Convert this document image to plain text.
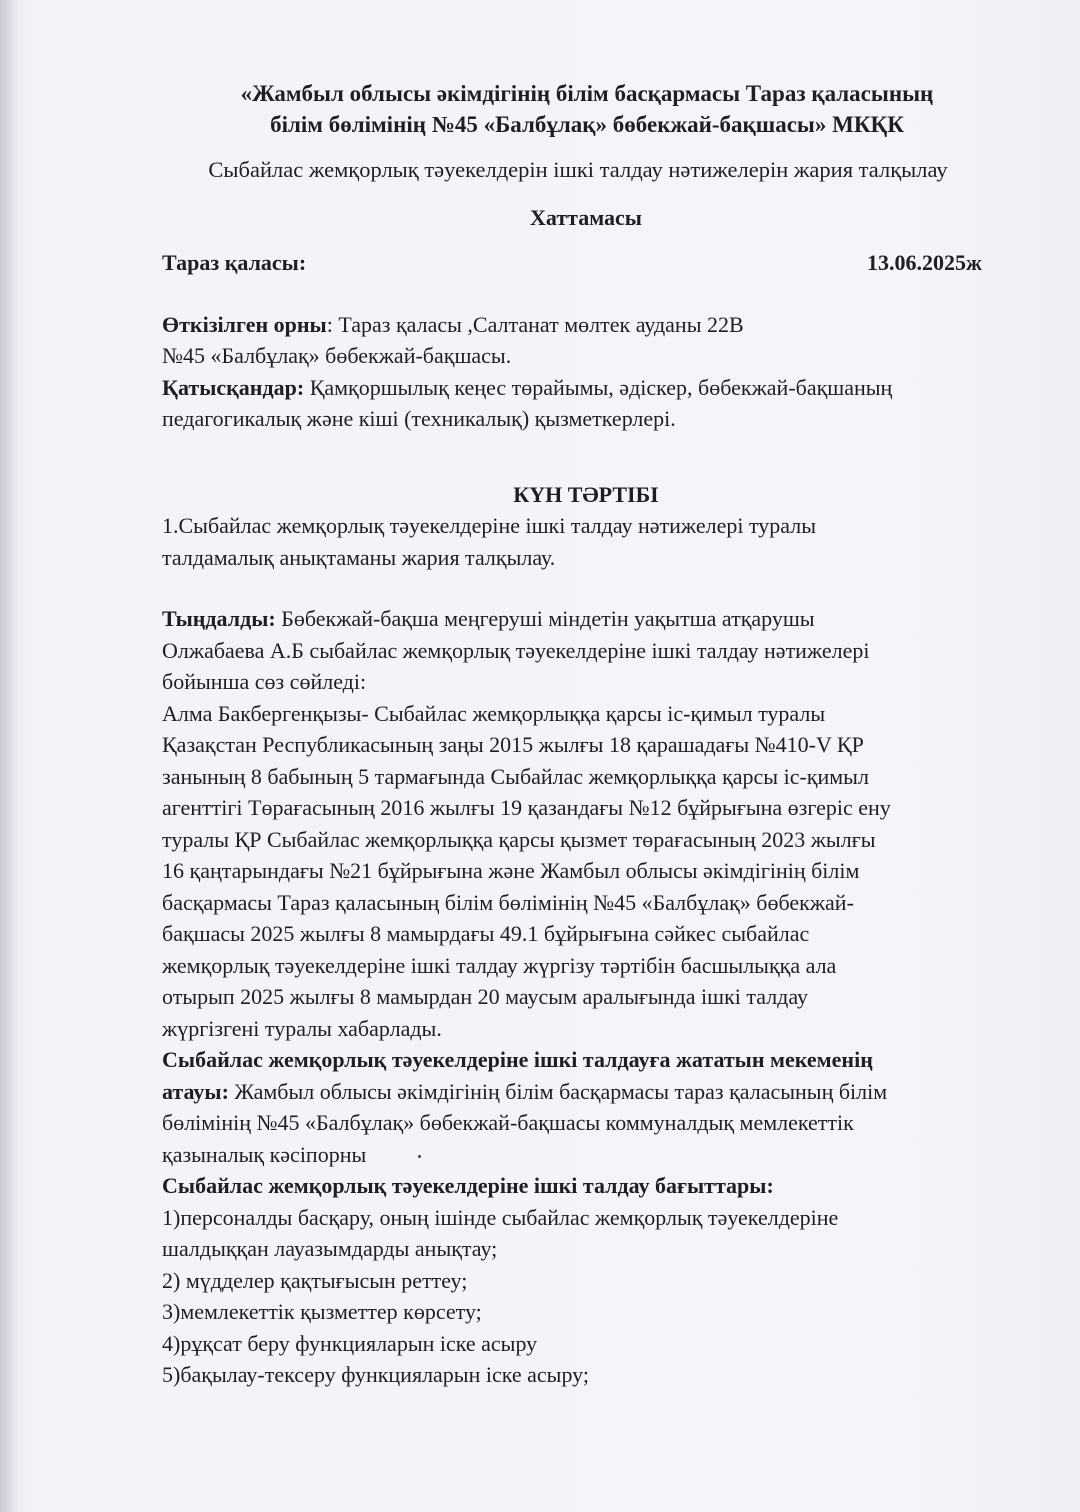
«Жамбыл облысы әкімдігінің білім басқармасы Тараз қаласының
білім бөлімінің №45 «Балбұлақ» бөбекжай-бақшасы» МКҚК
Сыбайлас жемқорлық тәуекелдерін ішкі талдау нәтижелерін жария талқылау
Хаттамасы
Тараз қаласы:	13.06.2025ж
Өткізілген орны: Тараз қаласы ,Салтанат мөлтек ауданы 22В
№45 «Балбұлақ» бөбекжай-бақшасы.
Қатысқандар: Қамқоршылық кеңес төрайымы, әдіскер, бөбекжай-бақшаның
педагогикалық және кіші (техникалық) қызметкерлері.
КҮН ТӘРТІБІ
1.Сыбайлас жемқорлық тәуекелдеріне ішкі талдау нәтижелері туралы
талдамалық анықтаманы жария талқылау.
Тыңдалды: Бөбекжай-бақша меңгеруші міндетін уақытша атқарушы
Олжабаева А.Б сыбайлас жемқорлық тәуекелдеріне ішкі талдау нәтижелері
бойынша сөз сөйледі:
Алма Бакбергенқызы- Сыбайлас жемқорлыққа қарсы іс-қимыл туралы
Қазақстан Республикасының заңы 2015 жылғы 18 қарашадағы №410-V ҚР
занының 8 бабының 5 тармағында Сыбайлас жемқорлыққа қарсы іс-қимыл
агенттігі Төрағасының 2016 жылғы 19 қазандағы №12 бұйрығына өзгеріс ену
туралы ҚР Сыбайлас жемқорлыққа қарсы қызмет төрағасының 2023 жылғы
16 қаңтарындағы №21 бұйрығына және Жамбыл облысы әкімдігінің білім
басқармасы Тараз қаласының білім бөлімінің №45 «Балбұлақ» бөбекжай-
бақшасы 2025 жылғы 8 мамырдағы 49.1 бұйрығына сәйкес сыбайлас
жемқорлық тәуекелдеріне ішкі талдау жүргізу тәртібін басшылыққа ала
отырып 2025 жылғы 8 мамырдан 20 маусым аралығында ішкі талдау
жүргізгені туралы хабарлады.
Сыбайлас жемқорлық тәуекелдеріне ішкі талдауға жататын мекеменің
атауы: Жамбыл облысы әкімдігінің білім басқармасы тараз қаласының білім
бөлімінің №45 «Балбұлақ» бөбекжай-бақшасы коммуналдық мемлекеттік
қазыналық кәсіпорны
Сыбайлас жемқорлық тәуекелдеріне ішкі талдау бағыттары:
1)персоналды басқару, оның ішінде сыбайлас жемқорлық тәуекелдеріне
шалдыққан лауазымдарды анықтау;
2) мүдделер қақтығысын реттеу;
3)мемлекеттік қызметтер көрсету;
4)рұқсат беру функцияларын іске асыру
5)бақылау-тексеру функцияларын іске асыру;
